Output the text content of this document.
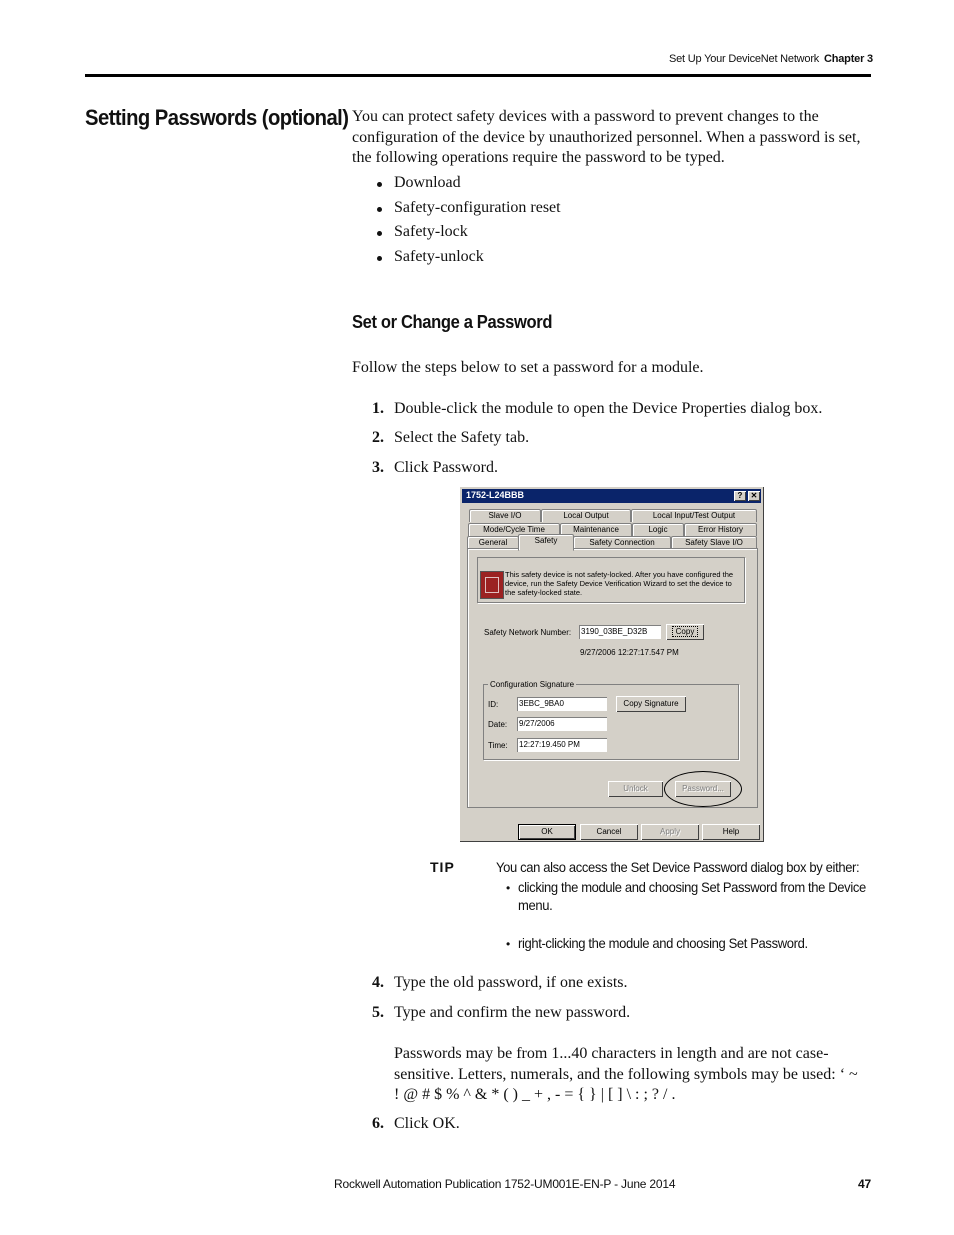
Set Up Your DeviceNet Network Chapter 3
Setting Passwords (optional) You can protect safety devices with a password to prevent changes to the configuration of the device by unauthorized personnel. When a password is set, the following operations require the password to be typed.
Download
Safety-configuration reset
Safety-lock
Safety-unlock
Set or Change a Password
Follow the steps below to set a password for a module.
1. Double-click the module to open the Device Properties dialog box.
2. Select the Safety tab.
3. Click Password.
1752-L24BBB	?	✕
Slave I/O	Local Output	Local Input/Test Output
Mode/Cycle Time	Maintenance	Logic	Error History
General	Safety	Safety Connection	Safety Slave I/O
This safety device is not safety-locked. After you have configured the device, run the Safety Device Verification Wizard to set the device to the safety-locked state.
Safety Network Number: 3190_03BE_D32B	Copy
9/27/2006 12:27:17.547 PM
Configuration Signature
ID:	3EBC_9BA0	Copy Signature
Date: 9/27/2006
Time: 12:27:19.450 PM
Unlock	Password...
OK	Cancel	Apply	Help
TIP	You can also access the Set Device Password dialog box by either:
• clicking the module and choosing Set Password from the Device
menu.
• right-clicking the module and choosing Set Password.
4. Type the old password, if one exists.
5. Type and confirm the new password.
Passwords may be from 1...40 characters in length and are not case-sensitive. Letters, numerals, and the following symbols may be used: ‘ ~ ! @ # $ % ^ & * ( ) _ + , - = { } | [ ] \ : ; ? / .
6. Click OK.
Rockwell Automation Publication 1752-UM001E-EN-P - June 2014	47
